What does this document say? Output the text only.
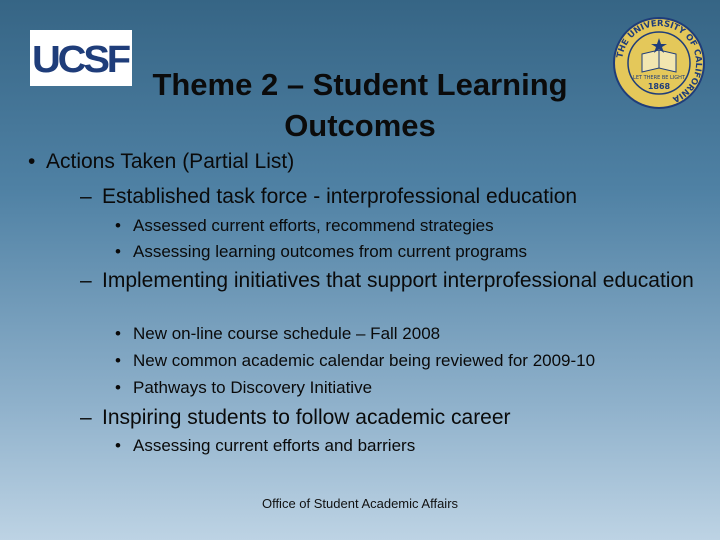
UCSF	THE UNIVERSITY OF CALIFORNIA
LET THERE BE LIGHT
1868
Theme 2 – Student Learning Outcomes
• Actions Taken (Partial List)
– Established task force - interprofessional education
• Assessed current efforts, recommend strategies
• Assessing learning outcomes from current programs
– Implementing initiatives that support interprofessional education
• New on-line course schedule – Fall 2008
• New common academic calendar being reviewed for 2009-10
• Pathways to Discovery Initiative
– Inspiring students to follow academic career
• Assessing current efforts and barriers
Office of Student Academic Affairs
